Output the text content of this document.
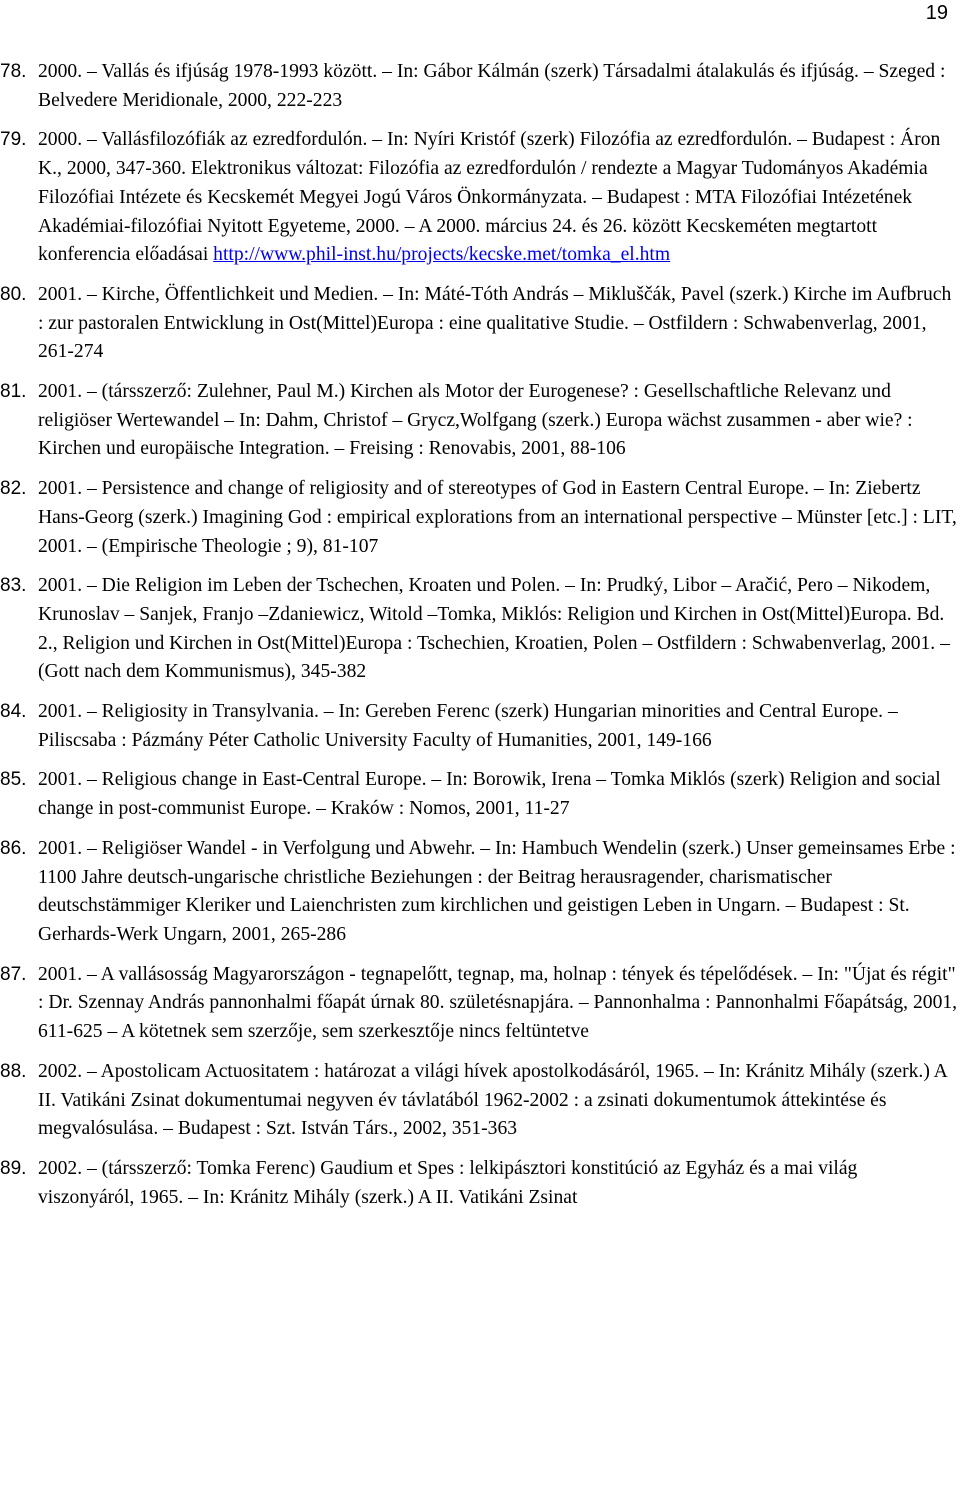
19
78. 2000. – Vallás és ifjúság 1978-1993 között. – In: Gábor Kálmán (szerk) Társadalmi átalakulás és ifjúság. – Szeged : Belvedere Meridionale, 2000, 222-223
79. 2000. – Vallásfilozófiák az ezredfordulón. – In: Nyíri Kristóf (szerk) Filozófia az ezredfordulón. – Budapest : Áron K., 2000, 347-360. Elektronikus változat: Filozófia az ezredfordulón / rendezte a Magyar Tudományos Akadémia Filozófiai Intézete és Kecskemét Megyei Jogú Város Önkormányzata. – Budapest : MTA Filozófiai Intézetének Akadémiai-filozófiai Nyitott Egyeteme, 2000. – A 2000. március 24. és 26. között Kecskeméten megtartott konferencia előadásai http://www.phil-inst.hu/projects/kecske.met/tomka_el.htm
80. 2001. – Kirche, Öffentlichkeit und Medien. – In: Máté-Tóth András – Mikluščák, Pavel (szerk.) Kirche im Aufbruch : zur pastoralen Entwicklung in Ost(Mittel)Europa : eine qualitative Studie. – Ostfildern : Schwabenverlag, 2001, 261-274
81. 2001. – (társszerző: Zulehner, Paul M.) Kirchen als Motor der Eurogenese? : Gesellschaftliche Relevanz und religiöser Wertewandel – In: Dahm, Christof – Grycz,Wolfgang (szerk.) Europa wächst zusammen - aber wie? : Kirchen und europäische Integration. – Freising : Renovabis, 2001, 88-106
82. 2001. – Persistence and change of religiosity and of stereotypes of God in Eastern Central Europe. – In: Ziebertz Hans-Georg (szerk.) Imagining God : empirical explorations from an international perspective – Münster [etc.] : LIT, 2001. – (Empirische Theologie ; 9), 81-107
83. 2001. – Die Religion im Leben der Tschechen, Kroaten und Polen. – In: Prudký, Libor – Aračić, Pero – Nikodem, Krunoslav – Sanjek, Franjo –Zdaniewicz, Witold –Tomka, Miklós: Religion und Kirchen in Ost(Mittel)Europa. Bd. 2., Religion und Kirchen in Ost(Mittel)Europa : Tschechien, Kroatien, Polen – Ostfildern : Schwabenverlag, 2001. – (Gott nach dem Kommunismus), 345-382
84. 2001. – Religiosity in Transylvania. – In: Gereben Ferenc (szerk) Hungarian minorities and Central Europe. – Piliscsaba : Pázmány Péter Catholic University Faculty of Humanities, 2001, 149-166
85. 2001. – Religious change in East-Central Europe. – In: Borowik, Irena – Tomka Miklós (szerk) Religion and social change in post-communist Europe. – Kraków : Nomos, 2001, 11-27
86. 2001. – Religiöser Wandel - in Verfolgung und Abwehr. – In: Hambuch Wendelin (szerk.) Unser gemeinsames Erbe : 1100 Jahre deutsch-ungarische christliche Beziehungen : der Beitrag herausragender, charismatischer deutschstämmiger Kleriker und Laienchristen zum kirchlichen und geistigen Leben in Ungarn. – Budapest : St. Gerhards-Werk Ungarn, 2001, 265-286
87. 2001. – A vallásosság Magyarországon - tegnapelőtt, tegnap, ma, holnap : tények és tépelődések. – In: "Újat és régit" : Dr. Szennay András pannonhalmi főapát úrnak 80. születésnapjára. – Pannonhalma : Pannonhalmi Főapátság, 2001, 611-625 – A kötetnek sem szerzője, sem szerkesztője nincs feltüntetve
88. 2002. – Apostolicam Actuositatem : határozat a világi hívek apostolkodásáról, 1965. – In: Kránitz Mihály (szerk.) A II. Vatikáni Zsinat dokumentumai negyven év távlatából 1962-2002 : a zsinati dokumentumok áttekintése és megvalósulása. – Budapest : Szt. István Társ., 2002, 351-363
89. 2002. – (társszerző: Tomka Ferenc) Gaudium et Spes : lelkipásztori konstitúció az Egyház és a mai világ viszonyáról, 1965. – In: Kránitz Mihály (szerk.) A II. Vatikáni Zsinat
